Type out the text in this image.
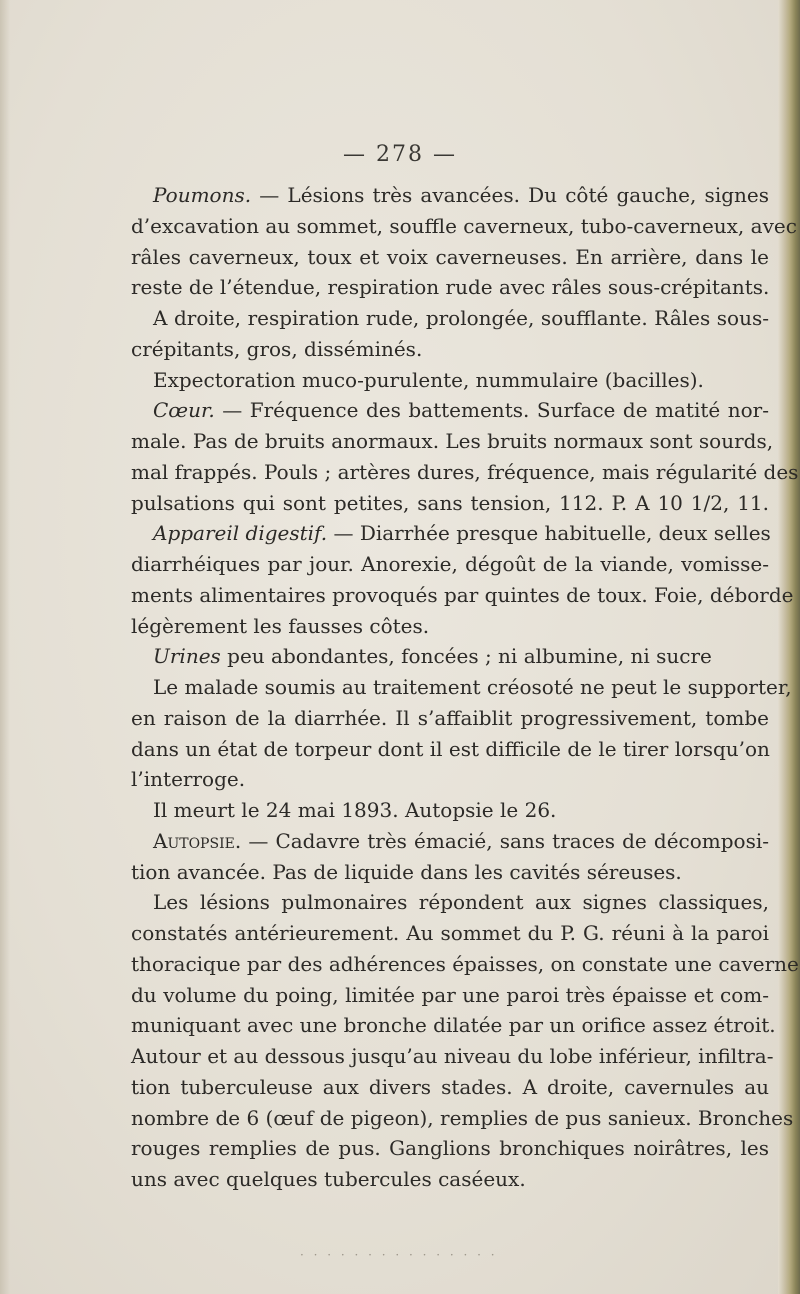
— 278 —
Poumons. — Lésions très avancées. Du côté gauche, signes
d’excavation au sommet, souffle caverneux, tubo-caverneux, avec
râles caverneux, toux et voix caverneuses. En arrière, dans le
reste de l’étendue, respiration rude avec râles sous-crépitants.
A droite, respiration rude, prolongée, soufflante. Râles sous-
crépitants, gros, disséminés.
Expectoration muco-purulente, nummulaire (bacilles).
Cœur. — Fréquence des battements. Surface de matité nor-
male. Pas de bruits anormaux. Les bruits normaux sont sourds,
mal frappés. Pouls ; artères dures, fréquence, mais régularité des
pulsations qui sont petites, sans tension, 112. P. A 10 1/2, 11.
Appareil digestif. — Diarrhée presque habituelle, deux selles
diarrhéiques par jour. Anorexie, dégoût de la viande, vomisse-
ments alimentaires provoqués par quintes de toux. Foie, déborde
légèrement les fausses côtes.
Urines peu abondantes, foncées ; ni albumine, ni sucre
Le malade soumis au traitement créosoté ne peut le supporter,
en raison de la diarrhée. Il s’affaiblit progressivement, tombe
dans un état de torpeur dont il est difficile de le tirer lorsqu’on
l’interroge.
Il meurt le 24 mai 1893. Autopsie le 26.
Autopsie. — Cadavre très émacié, sans traces de décomposi-
tion avancée. Pas de liquide dans les cavités séreuses.
Les lésions pulmonaires répondent aux signes classiques,
constatés antérieurement. Au sommet du P. G. réuni à la paroi
thoracique par des adhérences épaisses, on constate une caverne
du volume du poing, limitée par une paroi très épaisse et com-
muniquant avec une bronche dilatée par un orifice assez étroit.
Autour et au dessous jusqu’au niveau du lobe inférieur, infiltra-
tion tuberculeuse aux divers stades. A droite, cavernules au
nombre de 6 (œuf de pigeon), remplies de pus sanieux. Bronches
rouges remplies de pus. Ganglions bronchiques noirâtres, les
uns avec quelques tubercules caséeux.
· · · · · · · · · · · · · · ·
